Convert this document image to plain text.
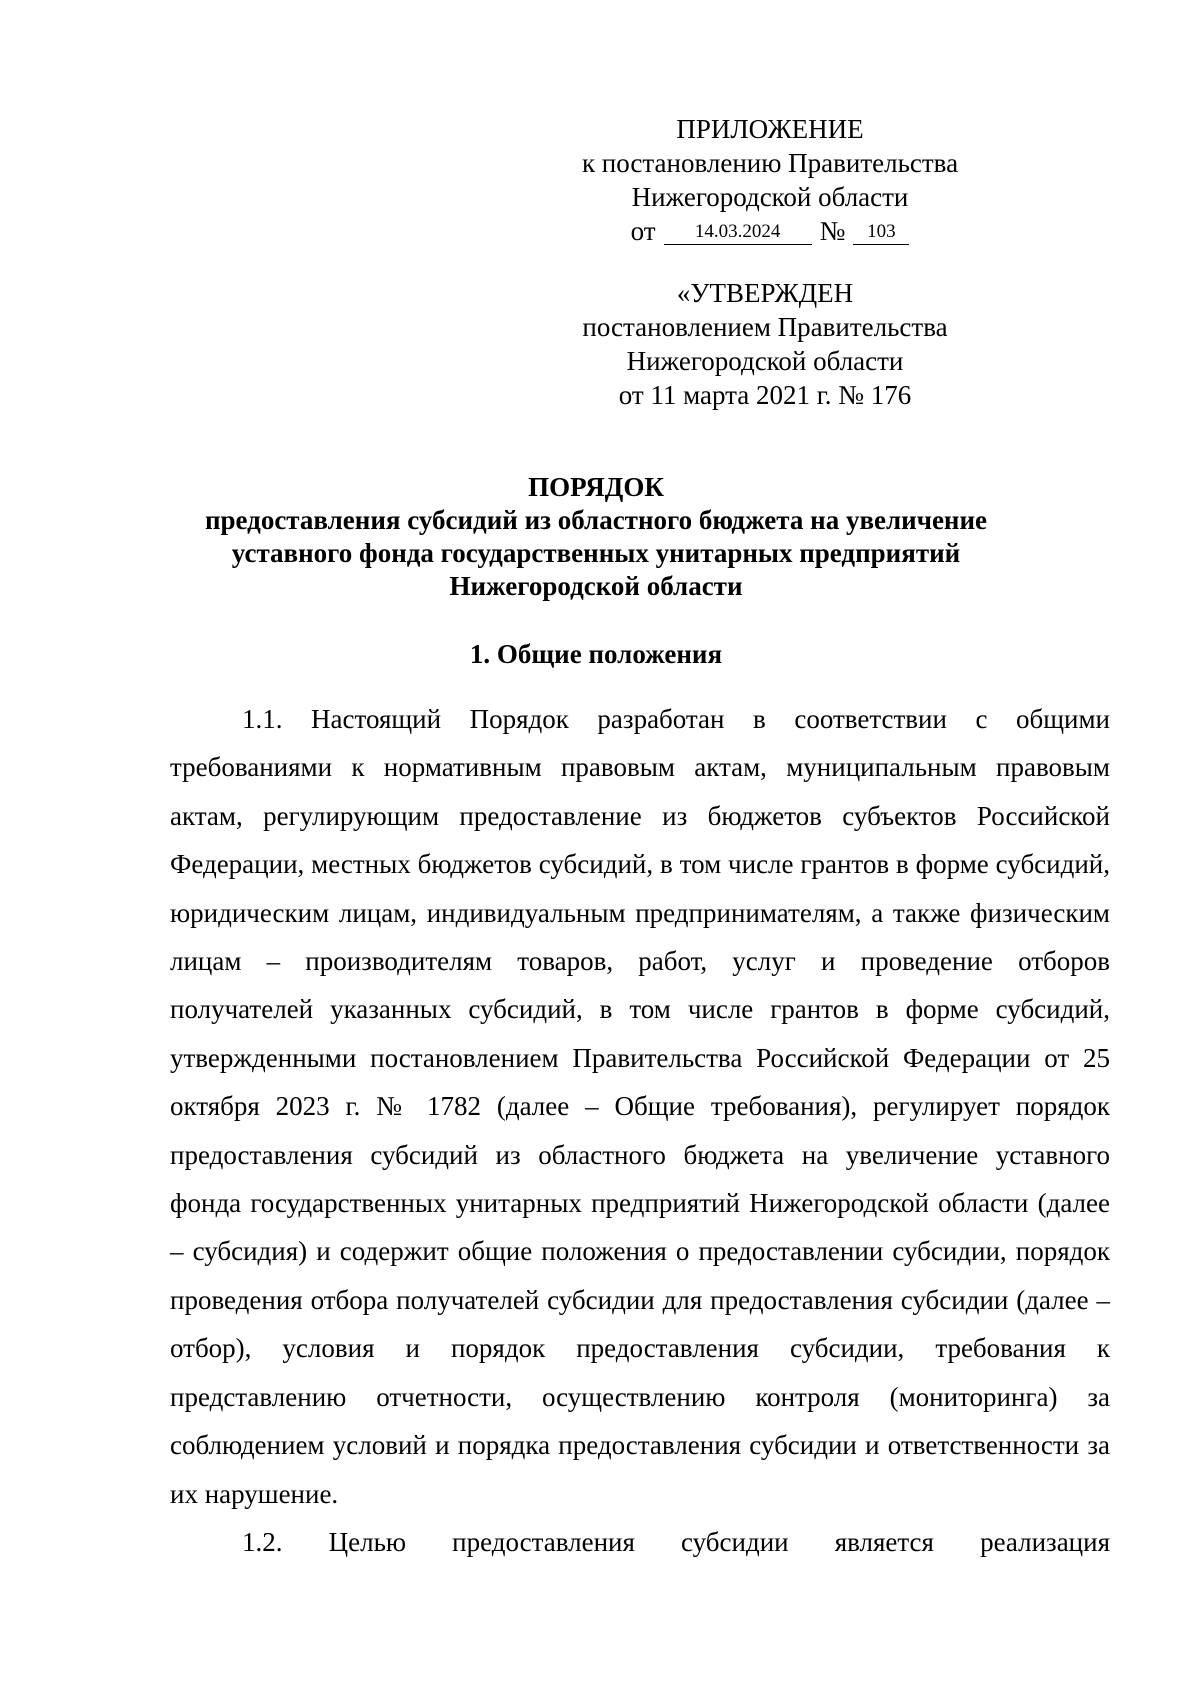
ПРИЛОЖЕНИЕ
к постановлению Правительства
Нижегородской области
от	14.03.2024	№	103
«УТВЕРЖДЕН
постановлением Правительства
Нижегородской области
от 11 марта 2021 г. № 176
ПОРЯДОК
предоставления субсидий из областного бюджета на увеличение
уставного фонда государственных унитарных предприятий
Нижегородской области
1. Общие положения

1.1. Настоящий Порядок разработан в соответствии с общими требованиями к нормативным правовым актам, муниципальным правовым актам, регулирующим предоставление из бюджетов субъектов Российской Федерации, местных бюджетов субсидий, в том числе грантов в форме субсидий, юридическим лицам, индивидуальным предпринимателям, а также физическим лицам – производителям товаров, работ, услуг и проведение отборов получателей указанных субсидий, в том числе грантов в форме субсидий, утвержденными постановлением Правительства Российской Федерации от 25 октября 2023 г. № 1782 (далее – Общие требования), регулирует порядок предоставления субсидий из областного бюджета на увеличение уставного фонда государственных унитарных предприятий Нижегородской области (далее – субсидия) и содержит общие положения о предоставлении субсидии, порядок проведения отбора получателей субсидии для предоставления субсидии (далее – отбор), условия и порядок предоставления субсидии, требования к представлению отчетности, осуществлению контроля (мониторинга) за соблюдением условий и порядка предоставления субсидии и ответственности за их нарушение.

1.2. Целью предоставления субсидии является реализация
